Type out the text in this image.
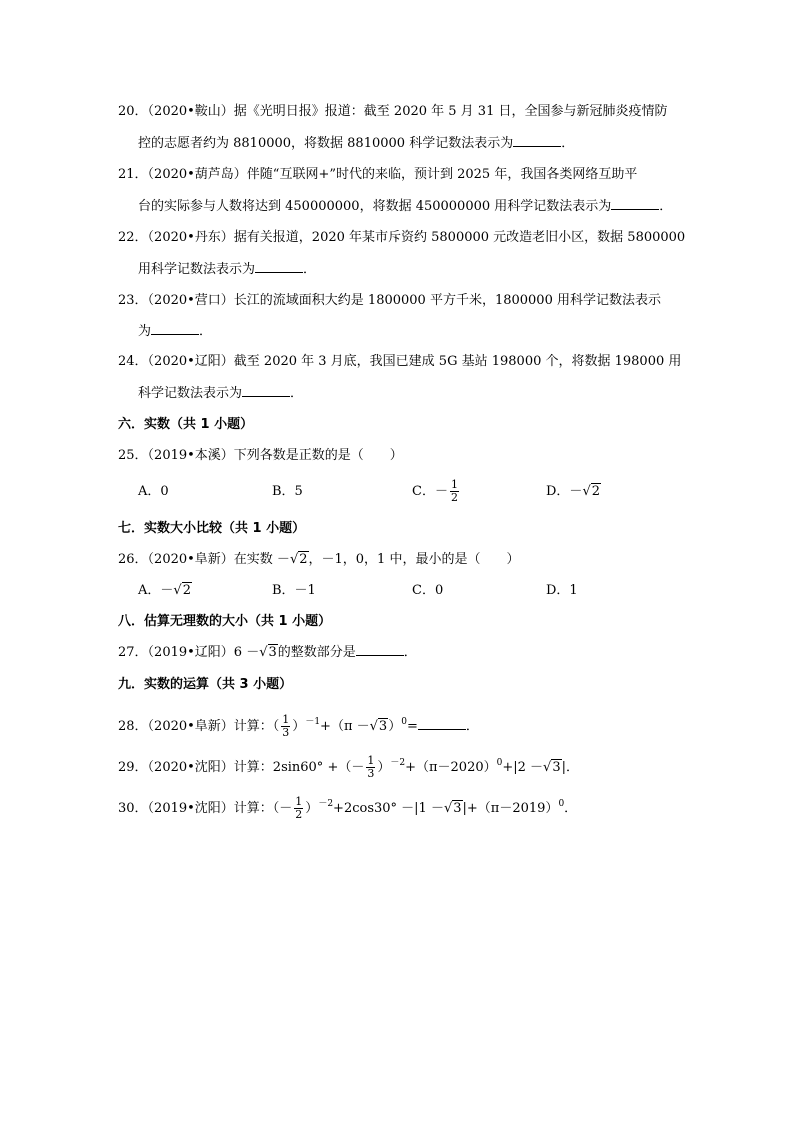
20．（2020•鞍山）据《光明日报》报道：截至 2020 年 5 月 31 日，全国参与新冠肺炎疫情防
控的志愿者约为 8810000，将数据 8810000 科学记数法表示为	．
21．（2020•葫芦岛）伴随“互联网+”时代的来临，预计到 2025 年，我国各类网络互助平
台的实际参与人数将达到 450000000，将数据 450000000 用科学记数法表示为	．
22．（2020•丹东）据有关报道，2020 年某市斥资约 5800000 元改造老旧小区，数据 5800000
用科学记数法表示为	．
23．（2020•营口）长江的流域面积大约是 1800000 平方千米，1800000 用科学记数法表示
为	．
24．（2020•辽阳）截至 2020 年 3 月底，我国已建成 5G 基站 198000 个，将数据 198000 用
科学记数法表示为	．
六．实数（共 1 小题）
25．（2019•本溪）下列各数是正数的是（　　）
A．0	B．5	C．－ $\frac{1}{2}$	D．－√2
七．实数大小比较（共 1 小题）
26．（2020•阜新）在实数 －√2，－1，0，1 中，最小的是（　　）
A．－√2	B．－1	C．0	D．1
八．估算无理数的大小（共 1 小题）
27．（2019•辽阳）6 －√3的整数部分是	．
九．实数的运算（共 3 小题）
28．（2020•阜新）计算：（ $\frac{1}{3} )^{-1}+(\pi -√3)^0=$	．
29．（2020•沈阳）计算：2sin60° +（－ $\frac{1}{3} )^{-2}+(\pi-2020)^0+|2 -√3|$．
30．（2019•沈阳）计算：（－ $\frac{1}{2} )^{-2}+2\cos 30^\circ -|1 -√3|+(\pi-2019)^0$．
